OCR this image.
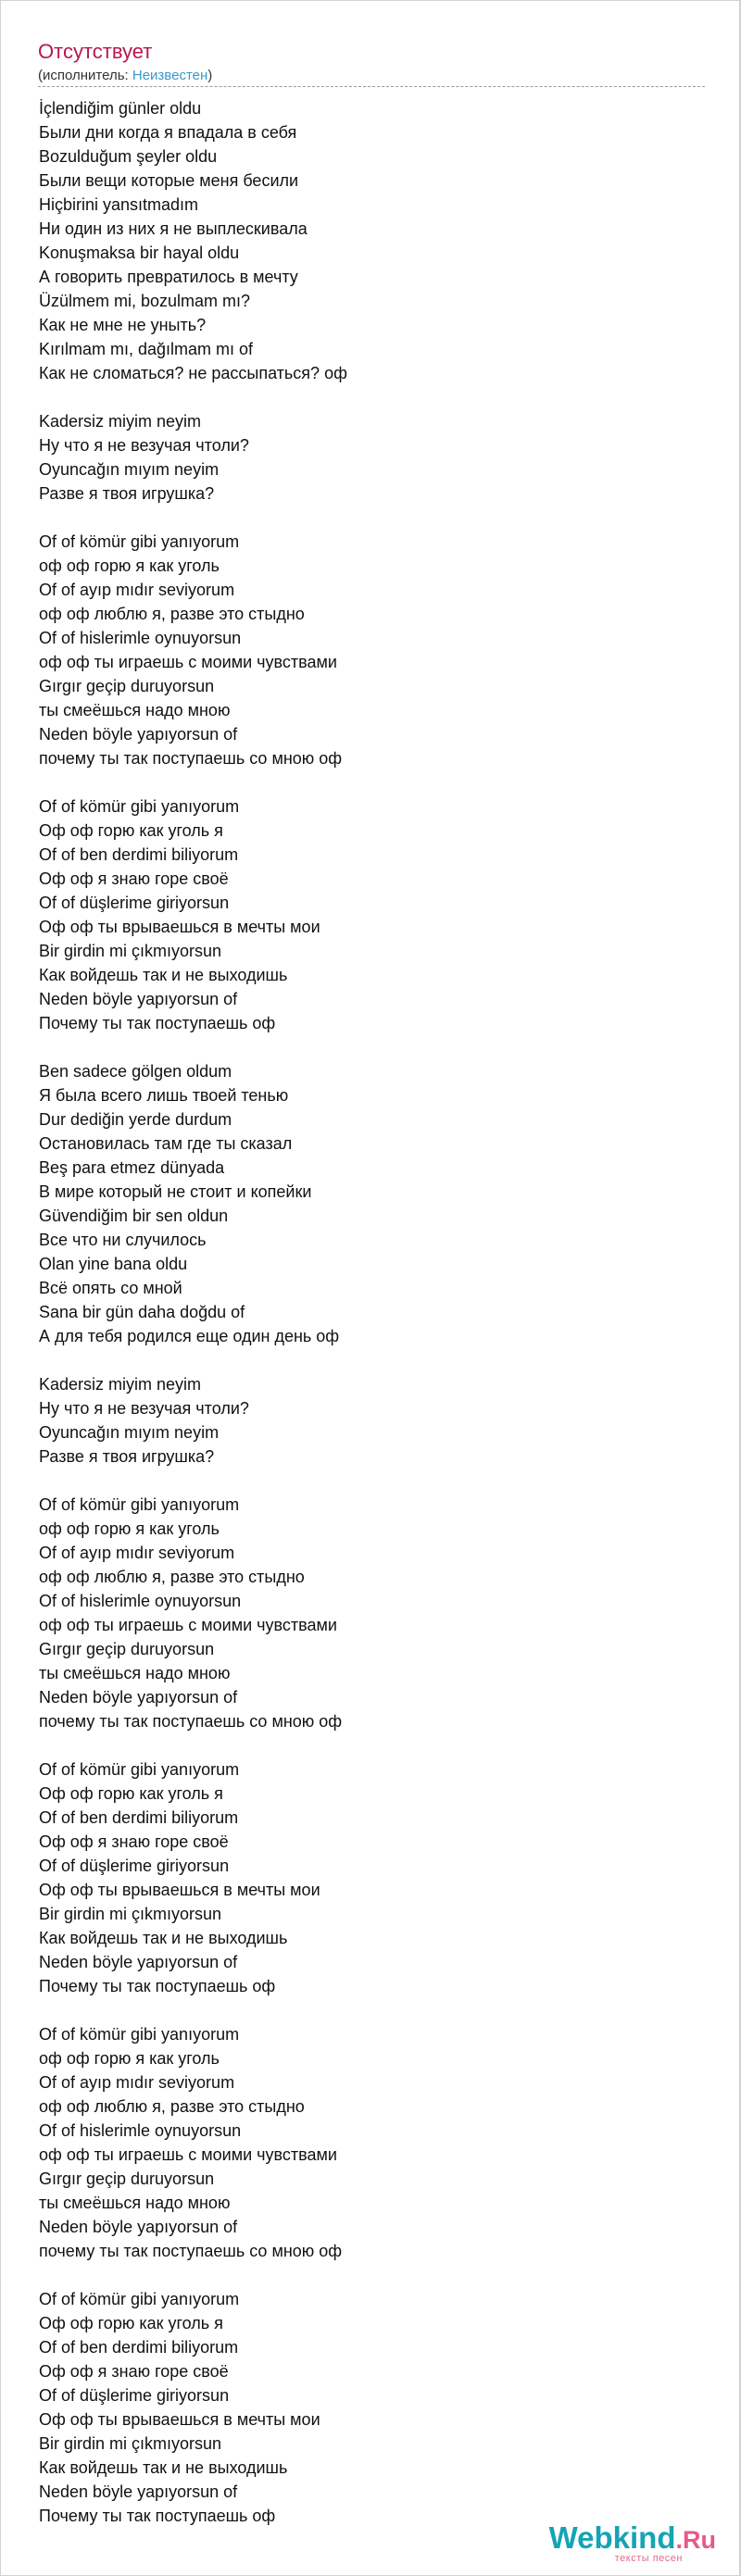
Отсутствует
(исполнитель: Неизвестен)
İçlendiğim günler oldu
Были дни когда я впадала в себя
Bozulduğum şeyler oldu
Были вещи которые меня бесили
Hiçbirini yansıtmadım
Ни один из них я не выплескивала
Konuşmaksa bir hayal oldu
А говорить превратилось в мечту
Üzülmem mi, bozulmam mı?
Как не мне не уныть?
Kırılmam mı, dağılmam mı of
Как не сломаться? не рассыпаться? оф
Kadersiz miyim neyim
Ну что я не везучая чтоли?
Oyuncağın mıyım neyim
Разве я твоя игрушка?
Of of kömür gibi yanıyorum
оф оф горю я как уголь
Of of ayıp mıdır seviyorum
оф оф люблю я, разве это стыдно
Of of hislerimle oynuyorsun
оф оф ты играешь с моими чувствами
Gırgır geçip duruyorsun
ты смеёшься надо мною
Neden böyle yapıyorsun of
почему ты так поступаешь со мною оф
Of of kömür gibi yanıyorum
Оф оф горю как уголь я
Of of ben derdimi biliyorum
Оф оф я знаю горе своё
Of of düşlerime giriyorsun
Оф оф ты врываешься в мечты мои
Bir girdin mi çıkmıyorsun
Как войдешь так и не выходишь
Neden böyle yapıyorsun of
Почему ты так поступаешь оф
Ben sadece gölgen oldum
Я была всего лишь твоей тенью
Dur dediğin yerde durdum
Остановилась там где ты сказал
Beş para etmez dünyada
В мире который не стоит и копейки
Güvendiğim bir sen oldun
Все что ни случилось
Olan yine bana oldu
Всё опять со мной
Sana bir gün daha doğdu of
А для тебя родился еще один день оф
Kadersiz miyim neyim
Ну что я не везучая чтоли?
Oyuncağın mıyım neyim
Разве я твоя игрушка?
Of of kömür gibi yanıyorum
оф оф горю я как уголь
Of of ayıp mıdır seviyorum
оф оф люблю я, разве это стыдно
Of of hislerimle oynuyorsun
оф оф ты играешь с моими чувствами
Gırgır geçip duruyorsun
ты смеёшься надо мною
Neden böyle yapıyorsun of
почему ты так поступаешь со мною оф
Of of kömür gibi yanıyorum
Оф оф горю как уголь я
Of of ben derdimi biliyorum
Оф оф я знаю горе своё
Of of düşlerime giriyorsun
Оф оф ты врываешься в мечты мои
Bir girdin mi çıkmıyorsun
Как войдешь так и не выходишь
Neden böyle yapıyorsun of
Почему ты так поступаешь оф
Of of kömür gibi yanıyorum
оф оф горю я как уголь
Of of ayıp mıdır seviyorum
оф оф люблю я, разве это стыдно
Of of hislerimle oynuyorsun
оф оф ты играешь с моими чувствами
Gırgır geçip duruyorsun
ты смеёшься надо мною
Neden böyle yapıyorsun of
почему ты так поступаешь со мною оф
Of of kömür gibi yanıyorum
Оф оф горю как уголь я
Of of ben derdimi biliyorum
Оф оф я знаю горе своё
Of of düşlerime giriyorsun
Оф оф ты врываешься в мечты мои
Bir girdin mi çıkmıyorsun
Как войдешь так и не выходишь
Neden böyle yapıyorsun of
Почему ты так поступаешь оф
Webkind.Ru
тексты песен
